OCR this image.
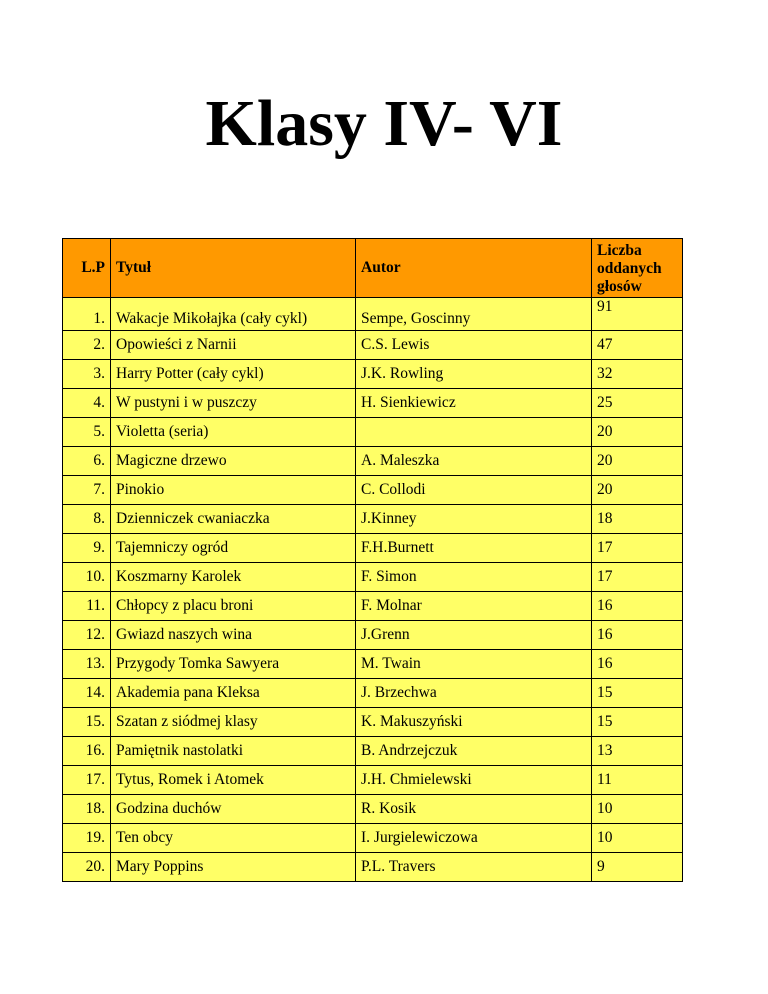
Klasy IV- VI
L.P	Tytuł	Autor	Liczba oddanych głosów
1.	Wakacje Mikołajka (cały cykl)	Sempe, Goscinny	91
2.	Opowieści z Narnii	C.S. Lewis	47
3.	Harry Potter (cały cykl)	J.K. Rowling	32
4.	W pustyni i w puszczy	H. Sienkiewicz	25
5.	Violetta (seria)		20
6.	Magiczne drzewo	A. Maleszka	20
7.	Pinokio	C. Collodi	20
8.	Dzienniczek cwaniaczka	J.Kinney	18
9.	Tajemniczy ogród	F.H.Burnett	17
10.	Koszmarny Karolek	F. Simon	17
11.	Chłopcy z placu broni	F. Molnar	16
12.	Gwiazd naszych wina	J.Grenn	16
13.	Przygody Tomka Sawyera	M. Twain	16
14.	Akademia pana Kleksa	J. Brzechwa	15
15.	Szatan z siódmej klasy	K. Makuszyński	15
16.	Pamiętnik nastolatki	B. Andrzejczuk	13
17.	Tytus, Romek i Atomek	J.H. Chmielewski	11
18.	Godzina duchów	R. Kosik	10
19.	Ten obcy	I. Jurgielewiczowa	10
20.	Mary Poppins	P.L. Travers	9
